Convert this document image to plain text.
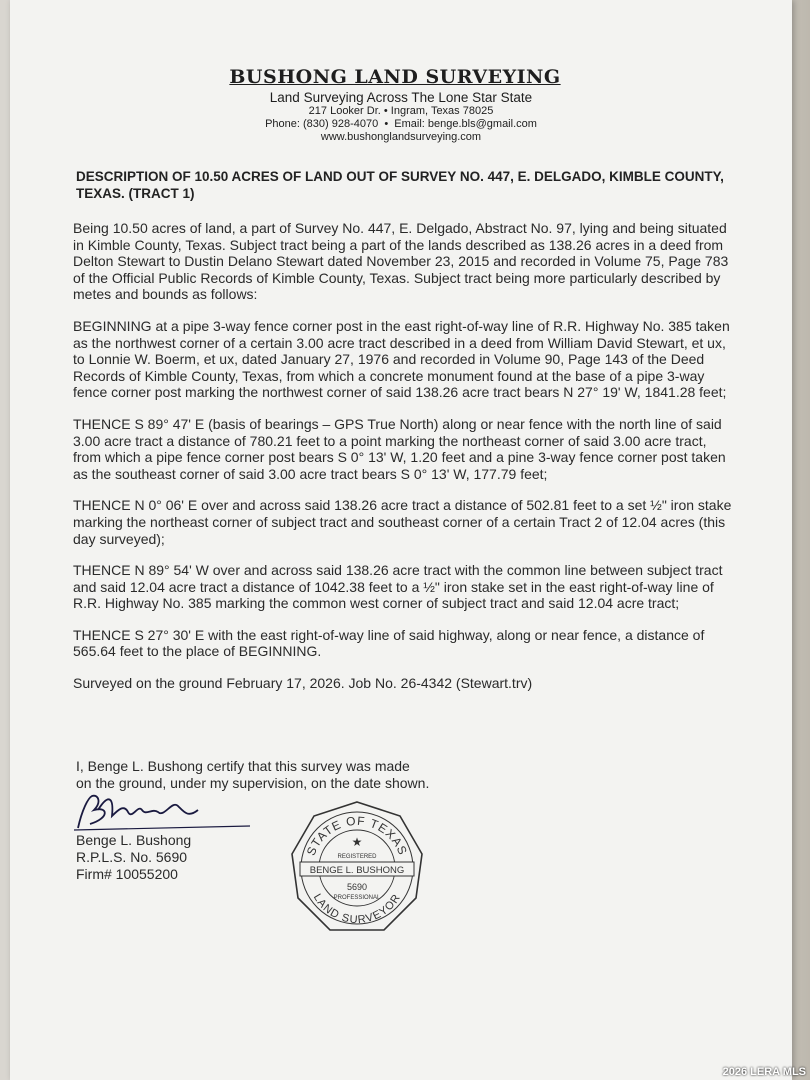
BUSHONG LAND SURVEYING
Land Surveying Across The Lone Star State
217 Looker Dr. • Ingram, Texas 78025
Phone: (830) 928-4070  •  Email: benge.bls@gmail.com
www.bushonglandsurveying.com
DESCRIPTION OF 10.50 ACRES OF LAND OUT OF SURVEY NO. 447, E. DELGADO, KIMBLE COUNTY, TEXAS. (TRACT 1)

Being 10.50 acres of land, a part of Survey No. 447, E. Delgado, Abstract No. 97, lying and being situated in Kimble County, Texas. Subject tract being a part of the lands described as 138.26 acres in a deed from Delton Stewart to Dustin Delano Stewart dated November 23, 2015 and recorded in Volume 75, Page 783 of the Official Public Records of Kimble County, Texas. Subject tract being more particularly described by metes and bounds as follows:

BEGINNING at a pipe 3-way fence corner post in the east right-of-way line of R.R. Highway No. 385 taken as the northwest corner of a certain 3.00 acre tract described in a deed from William David Stewart, et ux, to Lonnie W. Boerm, et ux, dated January 27, 1976 and recorded in Volume 90, Page 143 of the Deed Records of Kimble County, Texas, from which a concrete monument found at the base of a pipe 3-way fence corner post marking the northwest corner of said 138.26 acre tract bears N 27° 19' W, 1841.28 feet;

THENCE S 89° 47' E (basis of bearings – GPS True North) along or near fence with the north line of said 3.00 acre tract a distance of 780.21 feet to a point marking the northeast corner of said 3.00 acre tract, from which a pipe fence corner post bears S 0° 13' W, 1.20 feet and a pine 3-way fence corner post taken as the southeast corner of said 3.00 acre tract bears S 0° 13' W, 177.79 feet;

THENCE N 0° 06' E over and across said 138.26 acre tract a distance of 502.81 feet to a set ½" iron stake marking the northeast corner of subject tract and southeast corner of a certain Tract 2 of 12.04 acres (this day surveyed);

THENCE N 89° 54' W over and across said 138.26 acre tract with the common line between subject tract and said 12.04 acre tract a distance of 1042.38 feet to a ½" iron stake set in the east right-of-way line of R.R. Highway No. 385 marking the common west corner of subject tract and said 12.04 acre tract;

THENCE S 27° 30' E with the east right-of-way line of said highway, along or near fence, a distance of 565.64 feet to the place of BEGINNING.

Surveyed on the ground February 17, 2026. Job No. 26-4342 (Stewart.trv)

I, Benge L. Bushong certify that this survey was made
on the ground, under my supervision, on the date shown.
Benge L. Bushong
R.P.L.S. No. 5690
Firm# 10055200
STATE OF TEXAS
★
REGISTERED
BENGE L. BUSHONG
5690
PROFESSIONAL
LAND SURVEYOR
2026 LERA MLS
